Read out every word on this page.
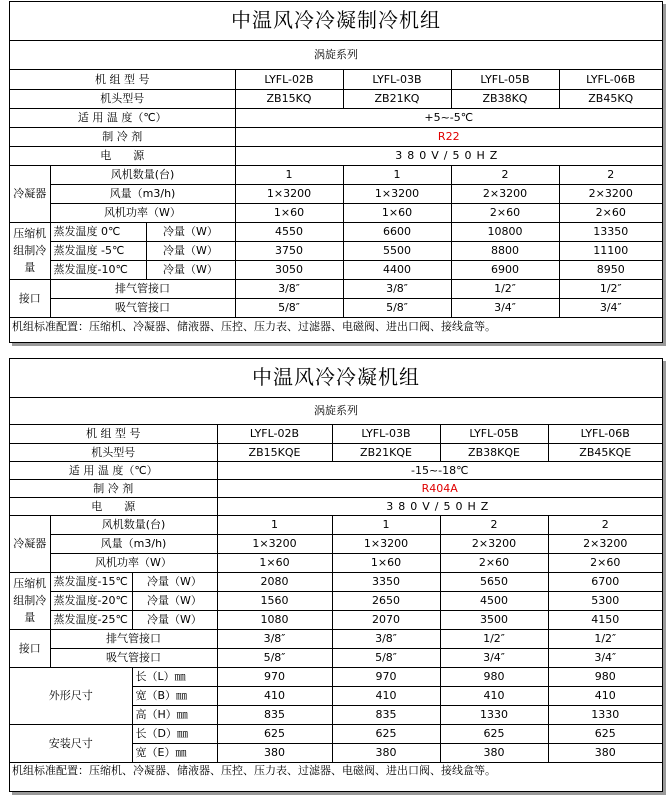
中温风冷冷凝制冷机组						
涡旋系列						
机 组 型 号			LYFL-02B	LYFL-03B	LYFL-05B	LYFL-06B
机头型号			ZB15KQ	ZB21KQ	ZB38KQ	ZB45KQ
适 用 温 度（℃）			+5~-5℃			
制 冷 剂			R22			
电　　源			380V/50HZ			
冷凝器	风机数量(台)		1	1	2	2
	风量（m3/h)		1×3200	1×3200	2×3200	2×3200
	风机功率（W）		1×60	1×60	2×60	2×60
压缩机组制冷量	蒸发温度 0℃	冷量（W）	4550	6600	10800	13350
	蒸发温度 -5℃	冷量（W）	3750	5500	8800	11100
	蒸发温度-10℃	冷量（W）	3050	4400	6900	8950
接口	排气管接口		3/8″	3/8″	1/2″	1/2″
	吸气管接口		5/8″	5/8″	3/4″	3/4″
机组标准配置：压缩机、冷凝器、储液器、压控、压力表、过滤器、电磁阀、进出口阀、接线盒等。						
中温风冷冷凝机组						
涡旋系列						
机 组 型 号			LYFL-02B	LYFL-03B	LYFL-05B	LYFL-06B
机头型号			ZB15KQE	ZB21KQE	ZB38KQE	ZB45KQE
适 用 温 度（℃）			-15~-18℃			
制 冷 剂			R404A			
电　　源			380V/50HZ			
冷凝器	风机数量(台)		1	1	2	2
	风量（m3/h)		1×3200	1×3200	2×3200	2×3200
	风机功率（W）		1×60	1×60	2×60	2×60
压缩机组制冷量	蒸发温度-15℃	冷量（W）	2080	3350	5650	6700
	蒸发温度-20℃	冷量（W）	1560	2650	4500	5300
	蒸发温度-25℃	冷量（W）	1080	2070	3500	4150
接口	排气管接口		3/8″	3/8″	1/2″	1/2″
	吸气管接口		5/8″	5/8″	3/4″	3/4″
外形尺寸		长（L）㎜	970	970	980	980
		宽（B）㎜	410	410	410	410
		高（H）㎜	835	835	1330	1330
安装尺寸		长（D）㎜	625	625	625	625
		宽（E）㎜	380	380	380	380
机组标准配置：压缩机、冷凝器、储液器、压控、压力表、过滤器、电磁阀、进出口阀、接线盒等。						
